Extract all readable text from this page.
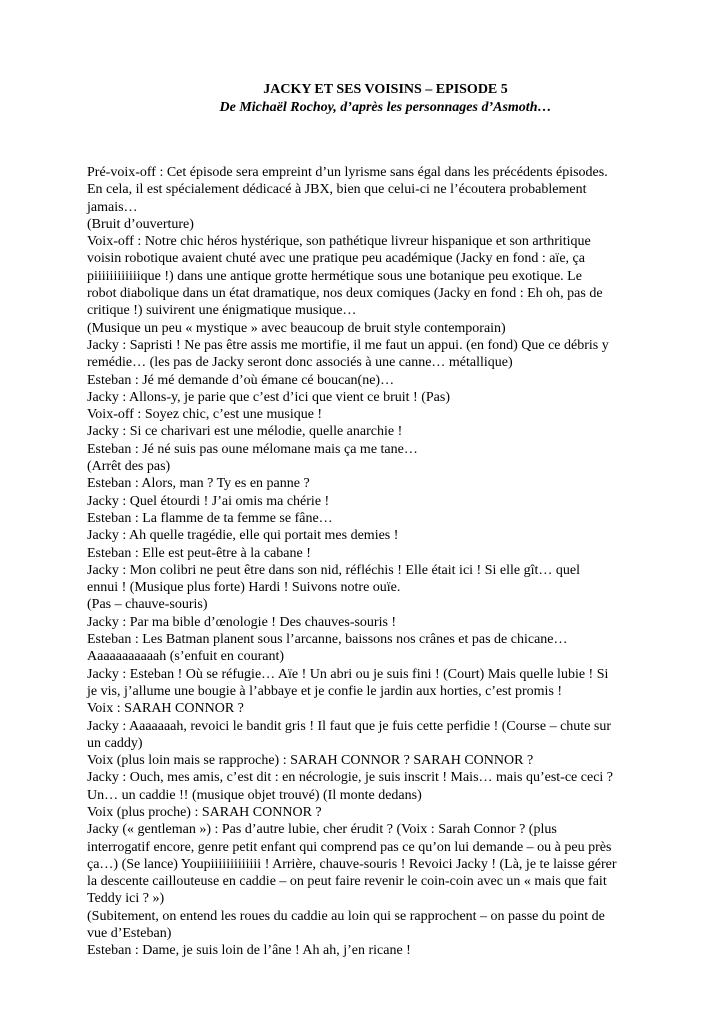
JACKY ET SES VOISINS – EPISODE 5

De Michaël Rochoy, d’après les personnages d’Asmoth…

Pré-voix-off : Cet épisode sera empreint d’un lyrisme sans égal dans les précédents épisodes.
En cela, il est spécialement dédicacé à JBX, bien que celui-ci ne l’écoutera probablement
jamais…
(Bruit d’ouverture)
Voix-off : Notre chic héros hystérique, son pathétique livreur hispanique et son arthritique
voisin robotique avaient chuté avec une pratique peu académique (Jacky en fond : aïe, ça
piiiiiiiiiiiique !) dans une antique grotte hermétique sous une botanique peu exotique. Le
robot diabolique dans un état dramatique, nos deux comiques (Jacky en fond : Eh oh, pas de
critique !) suivirent une énigmatique musique…
(Musique un peu « mystique » avec beaucoup de bruit style contemporain)
Jacky : Sapristi ! Ne pas être assis me mortifie, il me faut un appui. (en fond) Que ce débris y
remédie… (les pas de Jacky seront donc associés à une canne… métallique)
Esteban : Jé mé demande d’où émane cé boucan(ne)…
Jacky : Allons-y, je parie que c’est d’ici que vient ce bruit ! (Pas)
Voix-off : Soyez chic, c’est une musique !
Jacky : Si ce charivari est une mélodie, quelle anarchie !
Esteban : Jé né suis pas oune mélomane mais ça me tane…
(Arrêt des pas)
Esteban : Alors, man ? Ty es en panne ?
Jacky : Quel étourdi ! J’ai omis ma chérie !
Esteban : La flamme de ta femme se fâne…
Jacky : Ah quelle tragédie, elle qui portait mes demies !
Esteban : Elle est peut-être à la cabane !
Jacky : Mon colibri ne peut être dans son nid, réfléchis ! Elle était ici ! Si elle gît… quel
ennui ! (Musique plus forte) Hardi ! Suivons notre ouïe.
(Pas – chauve-souris)
Jacky : Par ma bible d’œnologie ! Des chauves-souris !
Esteban : Les Batman planent sous l’arcanne, baissons nos crânes et pas de chicane…
Aaaaaaaaaaah (s’enfuit en courant)
Jacky : Esteban ! Où se réfugie… Aïe ! Un abri ou je suis fini ! (Court) Mais quelle lubie ! Si
je vis, j’allume une bougie à l’abbaye et je confie le jardin aux horties, c’est promis !
Voix : SARAH CONNOR ?
Jacky : Aaaaaaah, revoici le bandit gris ! Il faut que je fuis cette perfidie ! (Course – chute sur
un caddy)
Voix (plus loin mais se rapproche) : SARAH CONNOR ? SARAH CONNOR ?
Jacky : Ouch, mes amis, c’est dit : en nécrologie, je suis inscrit ! Mais… mais qu’est-ce ceci ?
Un… un caddie !! (musique objet trouvé) (Il monte dedans)
Voix (plus proche) : SARAH CONNOR ?
Jacky (« gentleman ») : Pas d’autre lubie, cher érudit ? (Voix : Sarah Connor ? (plus
interrogatif encore, genre petit enfant qui comprend pas ce qu’on lui demande – ou à peu près
ça…) (Se lance) Youpiiiiiiiiiiiii ! Arrière, chauve-souris ! Revoici Jacky ! (Là, je te laisse gérer
la descente caillouteuse en caddie – on peut faire revenir le coin-coin avec un « mais que fait
Teddy ici ? »)
(Subitement, on entend les roues du caddie au loin qui se rapprochent – on passe du point de
vue d’Esteban)
Esteban : Dame, je suis loin de l’âne ! Ah ah, j’en ricane !
